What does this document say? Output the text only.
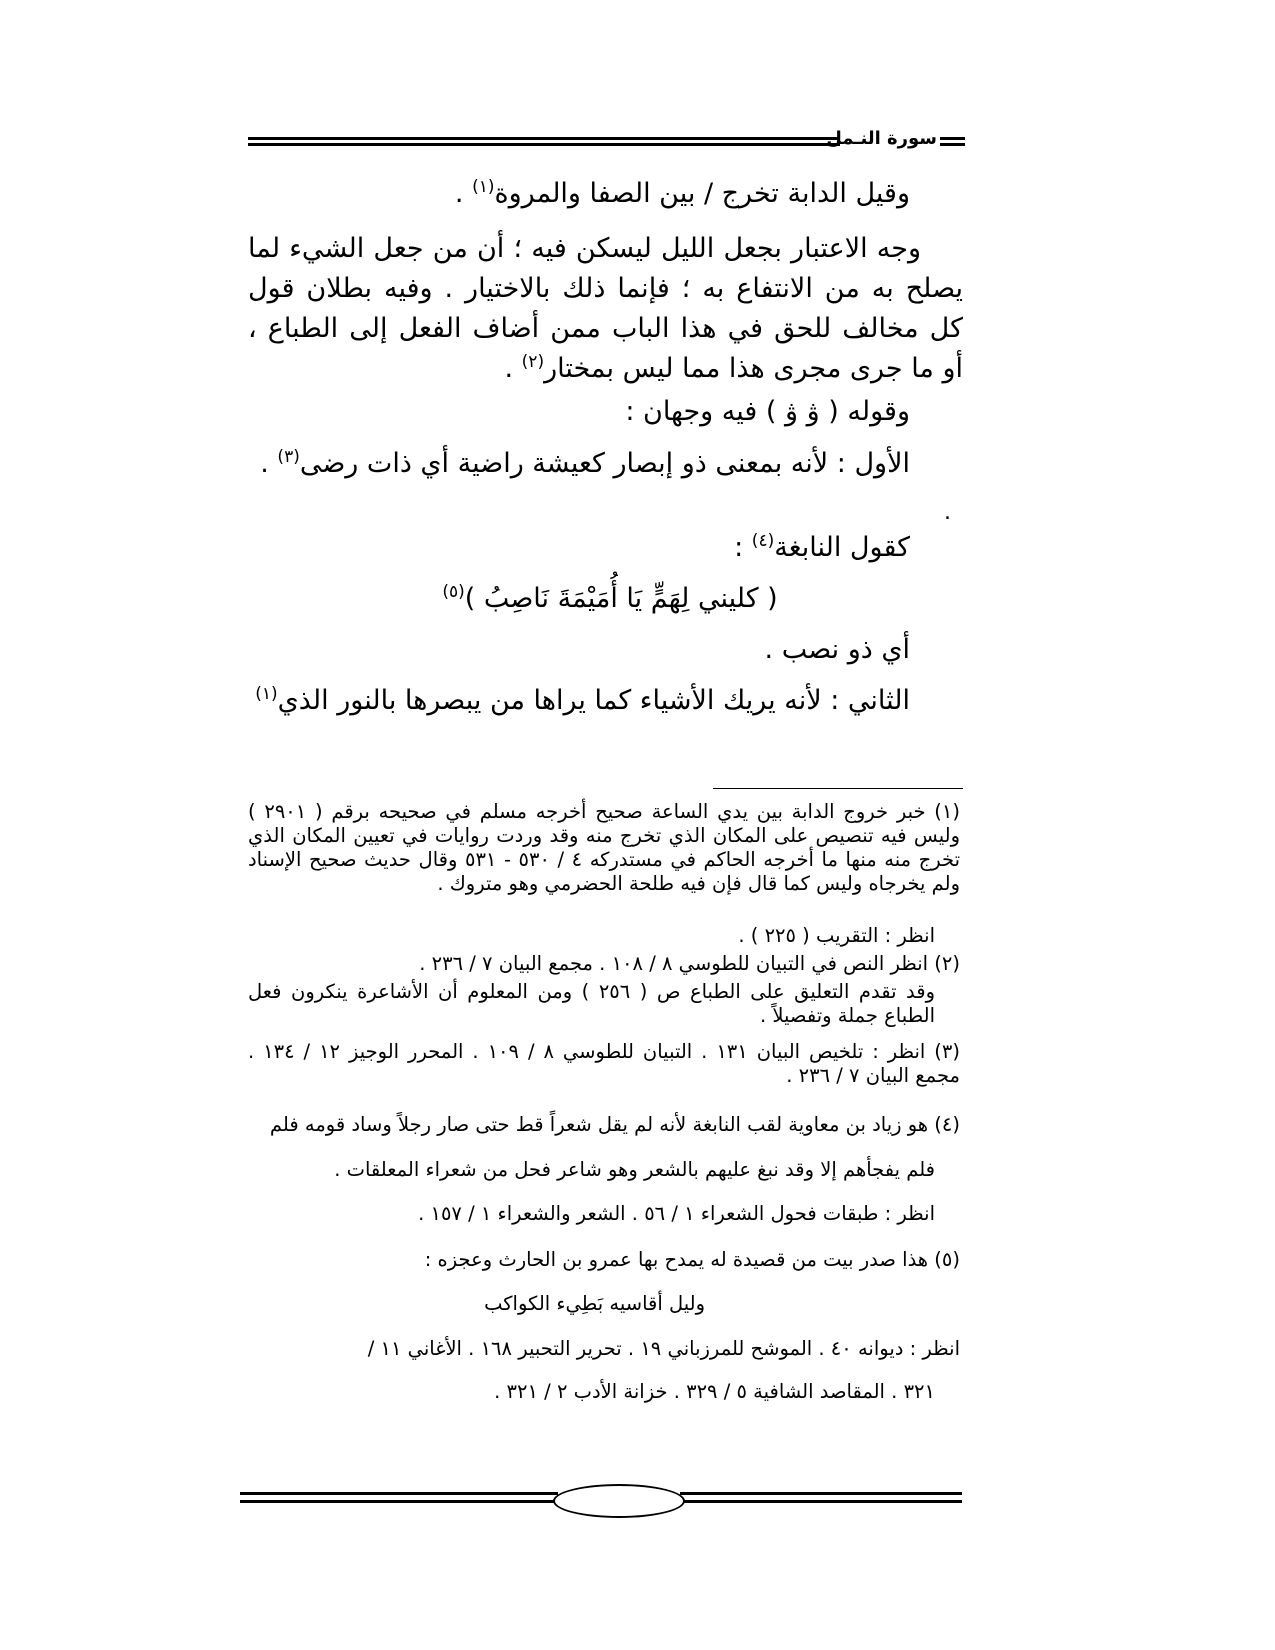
سورة النـمل
وقيل الدابة تخرج / بين الصفا والمروة$^{(١)}$ .
وجه الاعتبار بجعل الليل ليسكن فيه ؛ أن من جعل الشيء لما يصلح به من الانتفاع به ؛ فإنما ذلك بالاختيار . وفيه بطلان قول كل مخالف للحق في هذا الباب ممن أضاف الفعل إلى الطباع ، أو ما جرى مجرى هذا مما ليس بمختار$^{(٢)}$ .
وقوله ( ۋ ۋ ) فيه وجهان :
الأول : لأنه بمعنى ذو إبصار كعيشة راضية أي ذات رضى$^{(٣)}$ .
.
كقول النابغة$^{(٤)}$ :
( كليني لِهَمٍّ يَا أُمَيْمَةَ نَاصِبُ )$^{(٥)}$
أي ذو نصب .
الثاني : لأنه يريك الأشياء كما يراها من يبصرها بالنور الذي$^{(١)}$
(١) خبر خروج الدابة بين يدي الساعة صحيح أخرجه مسلم في صحيحه برقم ( ٢٩٠١ ) وليس فيه تنصيص على المكان الذي تخرج منه وقد وردت روايات في تعيين المكان الذي تخرج منه منها ما أخرجه الحاكم في مستدركه ٤ / ٥٣٠ - ٥٣١ وقال حديث صحيح الإسناد ولم يخرجاه وليس كما قال فإن فيه طلحة الحضرمي وهو متروك .
انظر : التقريب ( ٢٢٥ ) .
(٢) انظر النص في التبيان للطوسي ٨ / ١٠٨ . مجمع البيان ٧ / ٢٣٦ .
وقد تقدم التعليق على الطباع ص ( ٢٥٦ ) ومن المعلوم أن الأشاعرة ينكرون فعل الطباع جملة وتفصيلاً .
(٣) انظر : تلخيص البيان ١٣١ . التبيان للطوسي ٨ / ١٠٩ . المحرر الوجيز ١٢ / ١٣٤ . مجمع البيان ٧ / ٢٣٦ .
(٤) هو زياد بن معاوية لقب النابغة لأنه لم يقل شعراً قط حتى صار رجلاً وساد قومه فلم
فلم يفجأهم إلا وقد نبغ عليهم بالشعر وهو شاعر فحل من شعراء المعلقات .
انظر : طبقات فحول الشعراء ١ / ٥٦ . الشعر والشعراء ١ / ١٥٧ .
(٥) هذا صدر بيت من قصيدة له يمدح بها عمرو بن الحارث وعجزه :
وليل أقاسيه بَطِيء الكواكب
انظر : ديوانه ٤٠ . الموشح للمرزباني ١٩ . تحرير التحبير ١٦٨ . الأغاني ١١ /
٣٢١ . المقاصد الشافية ٥ / ٣٢٩ . خزانة الأدب ٢ / ٣٢١ .
